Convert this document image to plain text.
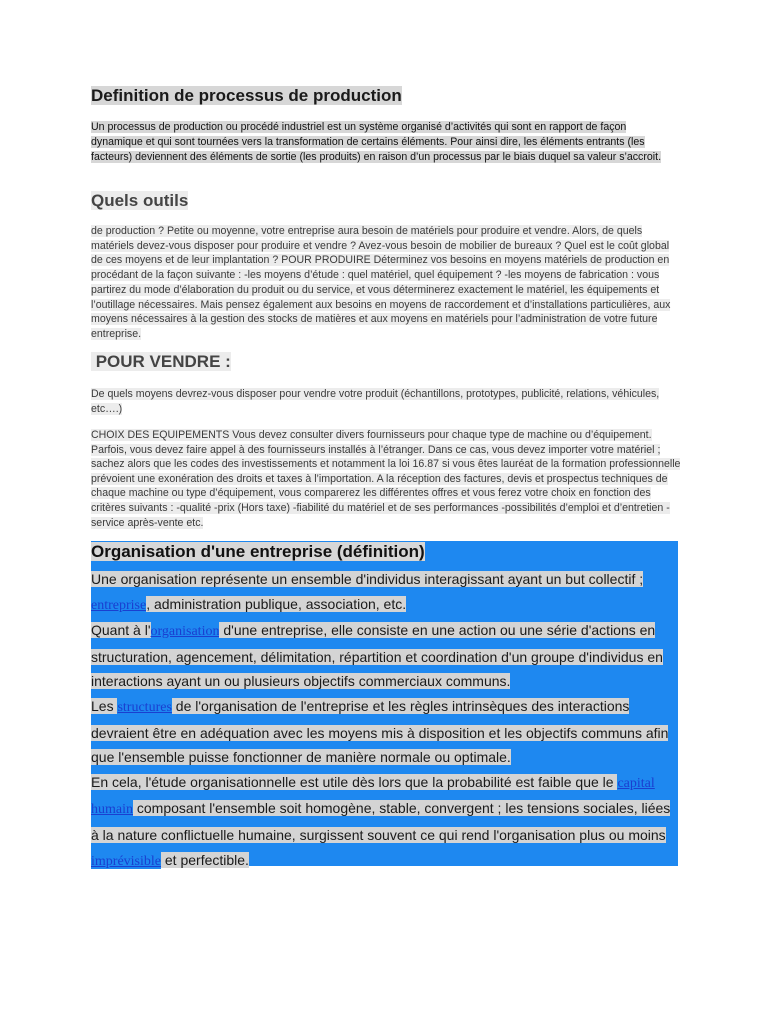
Definition de processus de production

Un processus de production ou procédé industriel est un système organisé d’activités qui sont en rapport de façon dynamique et qui sont tournées vers la transformation de certains éléments. Pour ainsi dire, les éléments entrants (les facteurs) deviennent des éléments de sortie (les produits) en raison d’un processus par le biais duquel sa valeur s’accroit.

Quels outils

de production ? Petite ou moyenne, votre entreprise aura besoin de matériels pour produire et vendre. Alors, de quels matériels devez-vous disposer pour produire et vendre ? Avez-vous besoin de mobilier de bureaux ? Quel est le coût global de ces moyens et de leur implantation ? POUR PRODUIRE Déterminez vos besoins en moyens matériels de production en procédant de la façon suivante : -les moyens d’étude : quel matériel, quel équipement ? -les moyens de fabrication : vous partirez du mode d’élaboration du produit ou du service, et vous déterminerez exactement le matériel, les équipements et l’outillage nécessaires. Mais pensez également aux besoins en moyens de raccordement et d’installations particulières, aux moyens nécessaires à la gestion des stocks de matières et aux moyens en matériels pour l’administration de votre future entreprise.

POUR VENDRE :

De quels moyens devrez-vous disposer pour vendre votre produit (échantillons, prototypes, publicité, relations, véhicules, etc….)

CHOIX DES EQUIPEMENTS Vous devez consulter divers fournisseurs pour chaque type de machine ou d’équipement. Parfois, vous devez faire appel à des fournisseurs installés à l’étranger. Dans ce cas, vous devez importer votre matériel ; sachez alors que les codes des investissements et notamment la loi 16.87 si vous êtes lauréat de la formation professionnelle prévoient une exonération des droits et taxes à l’importation. A la réception des factures, devis et prospectus techniques de chaque machine ou type d’équipement, vous comparerez les différentes offres et vous ferez votre choix en fonction des critères suivants : -qualité -prix (Hors taxe) -fiabilité du matériel et de ses performances -possibilités d’emploi et d’entretien -service après-vente etc.

Organisation d'une entreprise (définition)

Une organisation représente un ensemble d'individus interagissant ayant un but collectif ; entreprise, administration publique, association, etc.
Quant à l'organisation d'une entreprise, elle consiste en une action ou une série d'actions en structuration, agencement, délimitation, répartition et coordination d'un groupe d'individus en interactions ayant un ou plusieurs objectifs commerciaux communs.
Les structures de l'organisation de l'entreprise et les règles intrinsèques des interactions devraient être en adéquation avec les moyens mis à disposition et les objectifs communs afin que l'ensemble puisse fonctionner de manière normale ou optimale.
En cela, l'étude organisationnelle est utile dès lors que la probabilité est faible que le capital humain composant l'ensemble soit homogène, stable, convergent ; les tensions sociales, liées à la nature conflictuelle humaine, surgissent souvent ce qui rend l'organisation plus ou moins imprévisible et perfectible.
